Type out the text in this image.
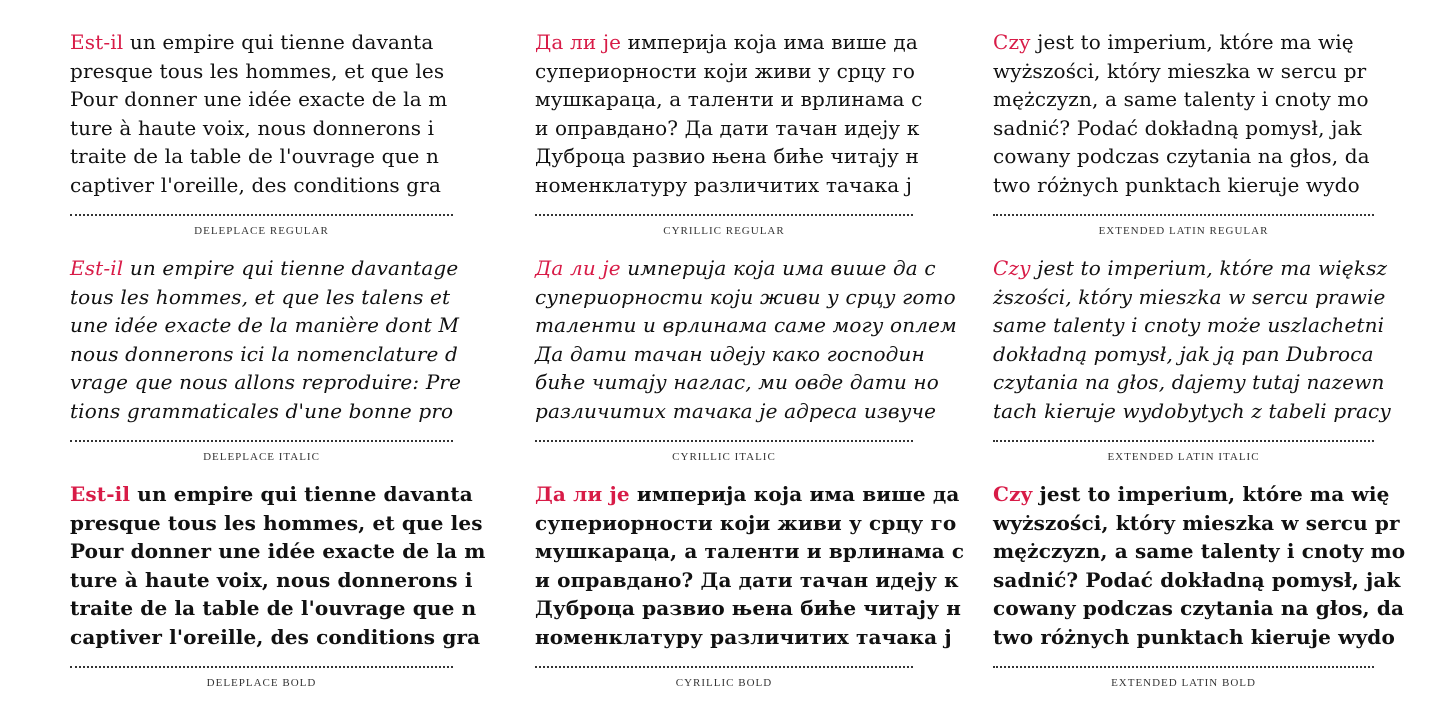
Est-il un empire qui tienne davanta
presque tous les hommes, et que les
Pour donner une idée exacte de la m
ture à haute voix, nous donnerons i
traite de la table de l'ouvrage que n
captiver l'oreille, des conditions gra
DELEPLACE REGULAR
Est-il un empire qui tienne davantage
tous les hommes, et que les talens et
une idée exacte de la manière dont M
nous donnerons ici la nomenclature d
vrage que nous allons reproduire: Pre
tions grammaticales d'une bonne pro
DELEPLACE ITALIC
Est-il un empire qui tienne davanta
presque tous les hommes, et que les
Pour donner une idée exacte de la m
ture à haute voix, nous donnerons i
traite de la table de l'ouvrage que n
captiver l'oreille, des conditions gra
DELEPLACE BOLD
Да ли је империја која има више да
супериорности који живи у срцу го
мушкараца, а таленти и врлинама с
и оправдано? Да дати тачан идеју к
Дуброца развио њена биће читају н
номенклатуру различитих тачака ј
CYRILLIC REGULAR
Да ли је империја која има више да с
супериорности који живи у срцу гото
таленти и врлинама саме могу оплем
Да дати тачан идеју како господин
биће читају наглас, ми овде дати но
различитих тачака је адреса извуче
CYRILLIC ITALIC
Да ли је империја која има више да
супериорности који живи у срцу го
мушкараца, а таленти и врлинама с
и оправдано? Да дати тачан идеју к
Дуброца развио њена биће читају н
номенклатуру различитих тачака ј
CYRILLIC BOLD
Czy jest to imperium, które ma wię
wyższości, który mieszka w sercu pr
mężczyzn, a same talenty i cnoty mo
sadnić? Podać dokładną pomysł, jak
cowany podczas czytania na głos, da
two różnych punktach kieruje wydo
EXTENDED LATIN REGULAR
Czy jest to imperium, które ma większ
ższości, który mieszka w sercu prawie
same talenty i cnoty może uszlachetni
dokładną pomysł, jak ją pan Dubroca
czytania na głos, dajemy tutaj nazewn
tach kieruje wydobytych z tabeli pracy
EXTENDED LATIN ITALIC
Czy jest to imperium, które ma wię
wyższości, który mieszka w sercu pr
mężczyzn, a same talenty i cnoty mo
sadnić? Podać dokładną pomysł, jak
cowany podczas czytania na głos, da
two różnych punktach kieruje wydo
EXTENDED LATIN BOLD
